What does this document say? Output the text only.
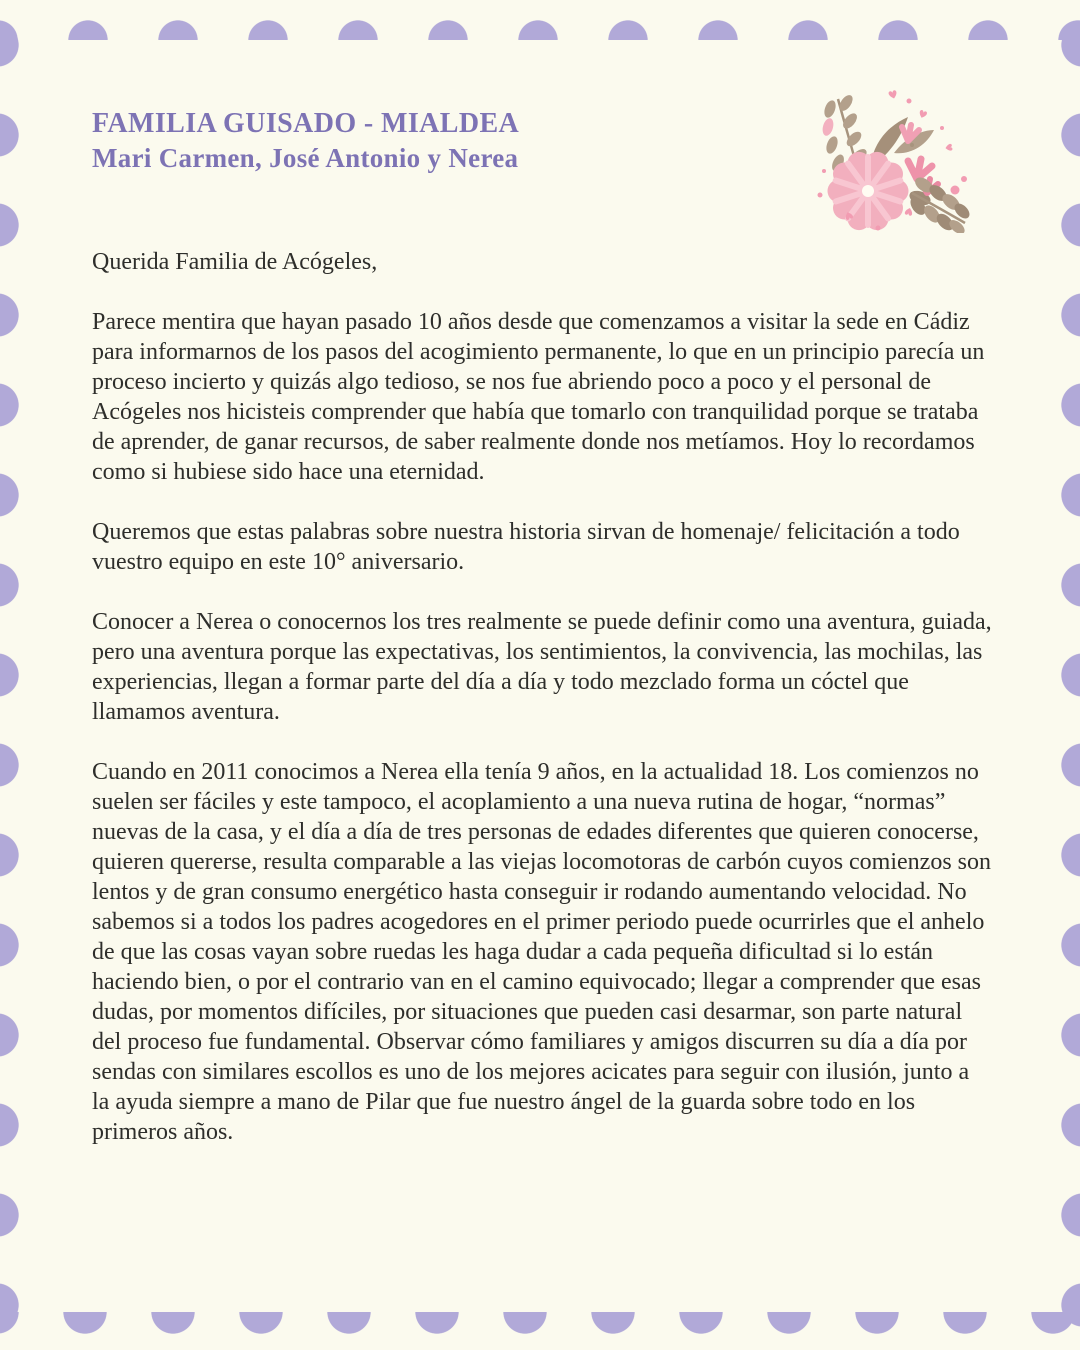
FAMILIA GUISADO - MIALDEA
Mari Carmen, José Antonio y Nerea

Querida Familia de Acógeles,

Parece mentira que hayan pasado 10 años desde que comenzamos a visitar la sede en Cádiz para informarnos de los pasos del acogimiento permanente, lo que en un principio parecía un proceso incierto y quizás algo tedioso, se nos fue abriendo poco a poco y el personal de Acógeles nos hicisteis comprender que había que tomarlo con tranquilidad porque se trataba de aprender, de ganar recursos, de saber realmente donde nos metíamos. Hoy lo recordamos como si hubiese sido hace una eternidad.

Queremos que estas palabras sobre nuestra historia sirvan de homenaje/ felicitación a todo vuestro equipo en este 10° aniversario.

Conocer a Nerea o conocernos los tres realmente se puede definir como una aventura, guiada, pero una aventura porque las expectativas, los sentimientos, la convivencia, las mochilas, las experiencias, llegan a formar parte del día a día y todo mezclado forma un cóctel que llamamos aventura.

Cuando en 2011 conocimos a Nerea ella tenía 9 años, en la actualidad 18. Los comienzos no suelen ser fáciles y este tampoco, el acoplamiento a una nueva rutina de hogar, “normas” nuevas de la casa, y el día a día de tres personas de edades diferentes que quieren conocerse, quieren quererse, resulta comparable a las viejas locomotoras de carbón cuyos comienzos son lentos y de gran consumo energético hasta conseguir ir rodando aumentando velocidad. No sabemos si a todos los padres acogedores en el primer periodo puede ocurrirles que el anhelo de que las cosas vayan sobre ruedas les haga dudar a cada pequeña dificultad si lo están haciendo bien, o por el contrario van en el camino equivocado; llegar a comprender que esas dudas, por momentos difíciles, por situaciones que pueden casi desarmar, son parte natural del proceso fue fundamental. Observar cómo familiares y amigos discurren su día a día por sendas con similares escollos es uno de los mejores acicates para seguir con ilusión, junto a la ayuda siempre a mano de Pilar que fue nuestro ángel de la guarda sobre todo en los primeros años.
